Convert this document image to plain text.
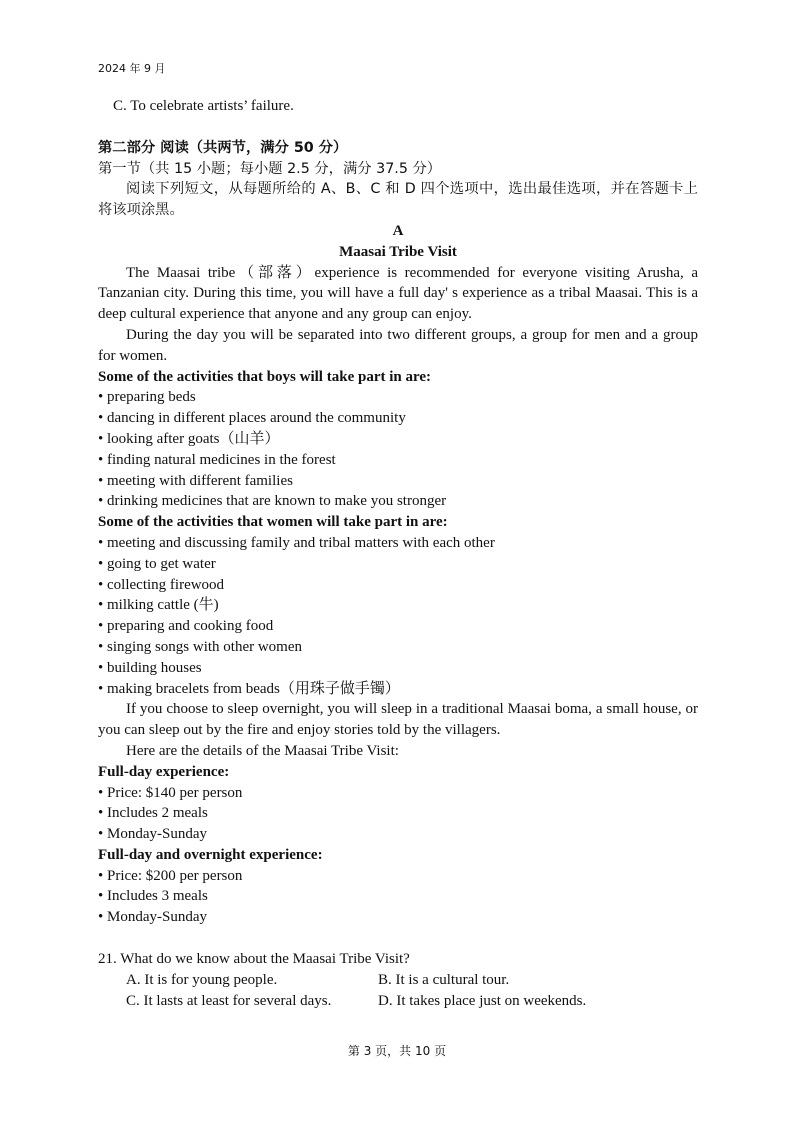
2024 年 9 月

C. To celebrate artists’ failure.

第二部分 阅读（共两节，满分 50 分）

第一节（共 15 小题；每小题 2.5 分，满分 37.5 分）

阅读下列短文，从每题所给的 A、B、C 和 D 四个选项中，选出最佳选项，并在答题卡上将该项涂黑。

A

Maasai Tribe Visit

The Maasai tribe（部落）experience is recommended for everyone visiting Arusha, a Tanzanian city. During this time, you will have a full day' s experience as a tribal Maasai. This is a deep cultural experience that anyone and any group can enjoy.

During the day you will be separated into two different groups, a group for men and a group for women.

Some of the activities that boys will take part in are:

• preparing beds
• dancing in different places around the community
• looking after goats（山羊）
• finding natural medicines in the forest
• meeting with different families
• drinking medicines that are known to make you stronger

Some of the activities that women will take part in are:

• meeting and discussing family and tribal matters with each other
• going to get water
• collecting firewood
• milking cattle (牛)
• preparing and cooking food
• singing songs with other women
• building houses
• making bracelets from beads（用珠子做手镯）

If you choose to sleep overnight, you will sleep in a traditional Maasai boma, a small house, or you can sleep out by the fire and enjoy stories told by the villagers.

Here are the details of the Maasai Tribe Visit:

Full-day experience:

• Price: $140 per person
• Includes 2 meals
• Monday-Sunday

Full-day and overnight experience:

• Price: $200 per person
• Includes 3 meals
• Monday-Sunday

21. What do we know about the Maasai Tribe Visit?

A. It is for young people.	B. It is a cultural tour.
C. It lasts at least for several days.	D. It takes place just on weekends.
第 3 页，共 10 页
